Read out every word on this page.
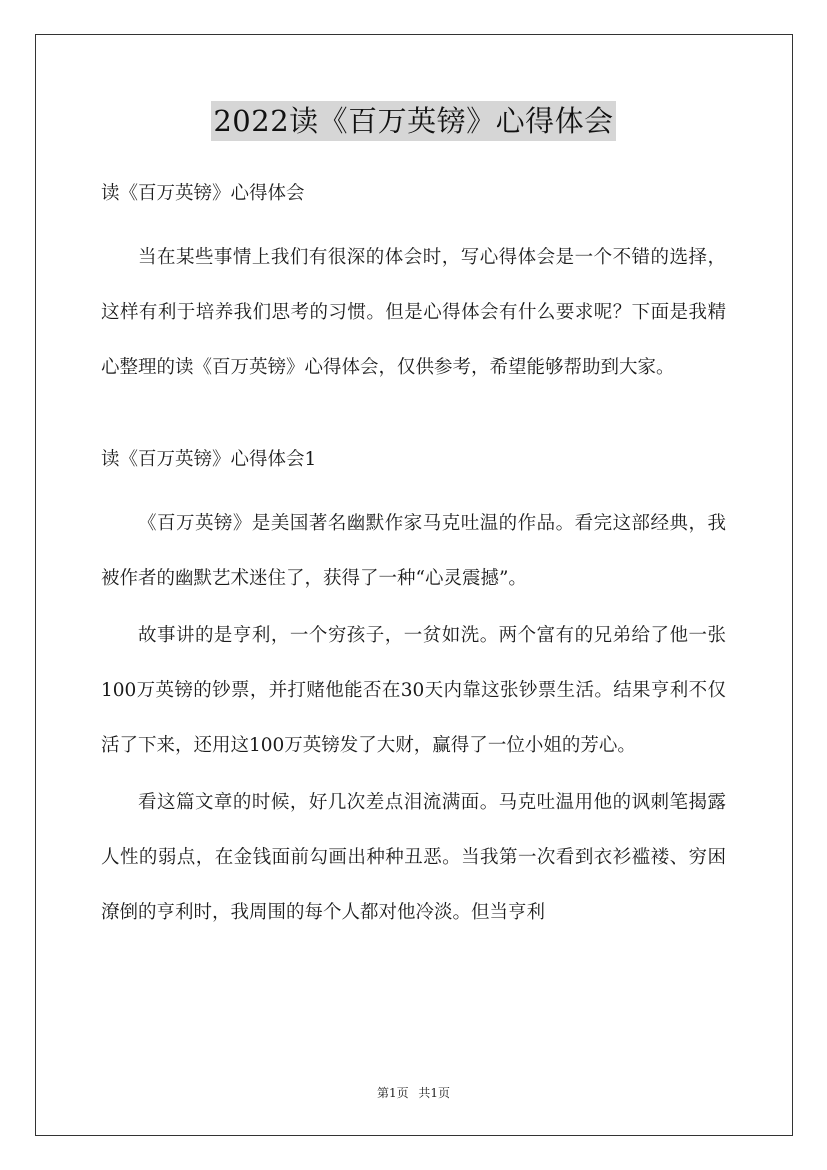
2022读《百万英镑》心得体会

读《百万英镑》心得体会

当在某些事情上我们有很深的体会时，写心得体会是一个不错的选择，这样有利于培养我们思考的习惯。但是心得体会有什么要求呢？下面是我精心整理的读《百万英镑》心得体会，仅供参考，希望能够帮助到大家。

读《百万英镑》心得体会1

《百万英镑》是美国著名幽默作家马克吐温的作品。看完这部经典，我被作者的幽默艺术迷住了，获得了一种“心灵震撼”。

故事讲的是亨利，一个穷孩子，一贫如洗。两个富有的兄弟给了他一张100万英镑的钞票，并打赌他能否在30天内靠这张钞票生活。结果亨利不仅活了下来，还用这100万英镑发了大财，赢得了一位小姐的芳心。

看这篇文章的时候，好几次差点泪流满面。马克吐温用他的讽刺笔揭露人性的弱点，在金钱面前勾画出种种丑恶。当我第一次看到衣衫褴褛、穷困潦倒的亨利时，我周围的每个人都对他冷淡。但当亨利

第1页 共1页
